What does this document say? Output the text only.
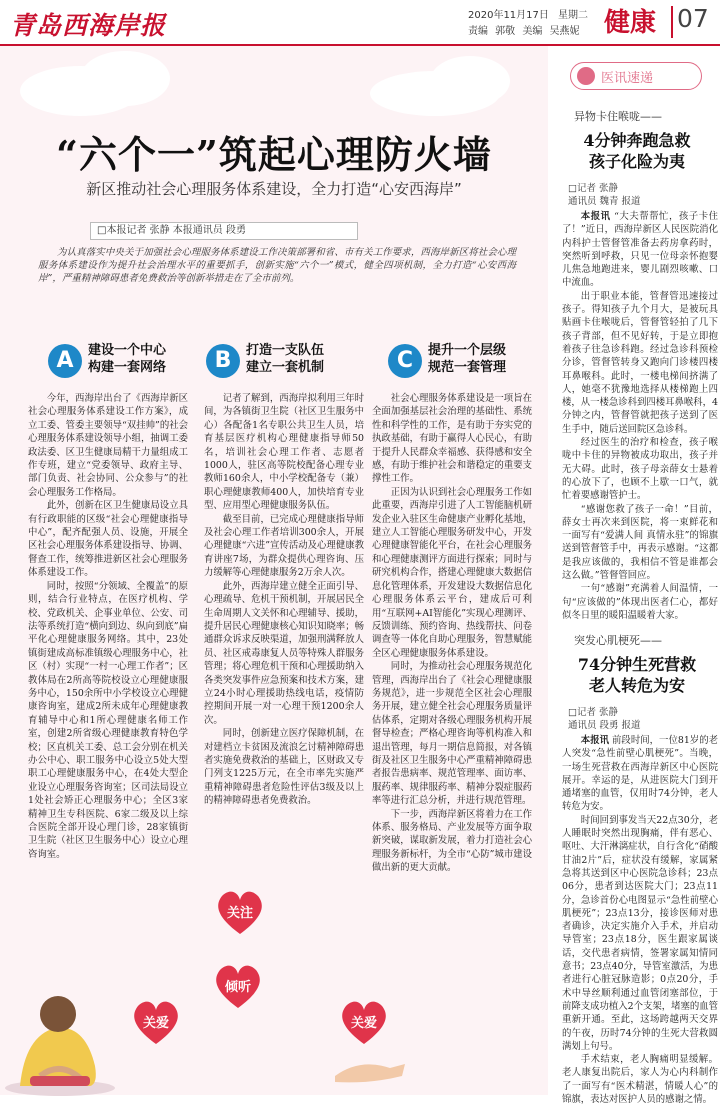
青岛西海岸报	2020年11月17日 星期二
责编 郭敬 美编 吴燕妮 健康 07
“六个一”筑起心理防火墙
新区推动社会心理服务体系建设，全力打造“心安西海岸”
□本报记者 张静 本报通讯员 段勇
为认真落实中央关于加强社会心理服务体系建设工作决策部署和省、市有关工作要求，西海岸新区将社会心理服务体系建设作为提升社会治理水平的重要抓手，创新实施“六个一”模式，健全四项机制，全力打造“心安西海岸”，严重精神障碍患者免费救治等创新举措走在了全市前列。
A	建设一个中心
构建一套网络

今年，西海岸出台了《西海岸新区社会心理服务体系建设工作方案》，成立工委、管委主要领导“双挂帅”的社会心理服务体系建设领导小组，抽调工委政法委、区卫生健康局精干力量组成工作专班，建立“党委领导、政府主导、部门负责、社会协同、公众参与”的社会心理服务工作格局。

此外，创新在区卫生健康局设立具有行政职能的区级“社会心理健康指导中心”，配齐配强人员、设施，开展全区社会心理服务体系建设指导、协调、督查工作，统筹推进新区社会心理服务体系建设工作。

同时，按照“分领域、全覆盖”的原则，结合行业特点，在医疗机构、学校、党政机关、企事业单位、公安、司法等系统打造“横向到边、纵向到底”扁平化心理健康服务网络。其中，23处镇街建成高标准镇级心理服务中心，社区（村）实现“一村一心理工作者”；区教体局在2所高等院校设立心理健康服务中心，150余所中小学校设立心理健康咨询室，建成2所未成年心理健康教育辅导中心和1所心理健康名师工作室，创建2所省级心理健康教育特色学校；区直机关工委、总工会分别在机关办公中心、职工服务中心设立5处大型职工心理健康服务中心，在4处大型企业设立心理服务咨询室；区司法局设立1处社会矫正心理服务中心；全区3家精神卫生专科医院、6家二级及以上综合医院全部开设心理门诊，28家镇街卫生院（社区卫生服务中心）设立心理咨询室。

B	打造一支队伍
建立一套机制

记者了解到，西海岸拟利用三年时间，为各镇街卫生院（社区卫生服务中心）各配备1名专职公共卫生人员，培育基层医疗机构心理健康指导师50名，培训社会心理工作者、志愿者1000人，驻区高等院校配备心理专业教师160余人，中小学校配备专（兼）职心理健康教师400人，加快培育专业型、应用型心理健康服务队伍。

截至目前，已完成心理健康指导师及社会心理工作者培训300余人，开展心理健康“六进”宣传活动及心理健康教育讲座7场，为群众提供心理咨询、压力缓解等心理健康服务2万余人次。

此外，西海岸建立健全正面引导、心理疏导、危机干预机制，开展居民全生命周期人文关怀和心理辅导、援助，提升居民心理健康核心知识知晓率；畅通群众诉求反映渠道，加强刑满释放人员、社区戒毒康复人员等特殊人群服务管理；将心理危机干预和心理援助纳入各类突发事件应急预案和技术方案，建立24小时心理援助热线电话，疫情防控期间开展一对一心理干预1200余人次。

同时，创新建立医疗保障机制，在对建档立卡贫困及流浪乞讨精神障碍患者实施免费救治的基础上，区财政又专门列支1225万元，在全市率先实施严重精神障碍患者危险性评估3级及以上的精神障碍患者免费救治。

C	提升一个层级
规范一套管理

社会心理服务体系建设是一项旨在全面加强基层社会治理的基础性、系统性和科学性的工作，是有助于夯实党的执政基础，有助于赢得人心民心，有助于提升人民群众幸福感、获得感和安全感，有助于维护社会和谐稳定的重要支撑性工作。

正因为认识到社会心理服务工作如此重要，西海岸引进了人工智能脑机研发企业入驻区生命健康产业孵化基地，建立人工智能心理服务研发中心，开发心理健康智能化平台，在社会心理服务和心理健康测评方面进行探索；同时与研究机构合作，搭建心理健康大数据信息化管理体系，开发建设大数据信息化心理服务体系云平台，建成后可利用“互联网+AI智能化”实现心理测评、反馈训练、预约咨询、热线帮扶、问卷调查等一体化自助心理服务，智慧赋能全区心理健康服务体系建设。

同时，为推动社会心理服务规范化管理，西海岸出台了《社会心理健康服务规范》，进一步规范全区社会心理服务开展，建立健全社会心理服务质量评估体系，定期对各级心理服务机构开展督导检查；严格心理咨询等机构准入和退出管理，每月一期信息简报，对各镇街及社区卫生服务中心严重精神障碍患者报告患病率、规范管理率、面访率、服药率、规律服药率、精神分裂症服药率等进行汇总分析，并进行规范管理。

下一步，西海岸新区将着力在工作体系、服务格局、产业发展等方面争取新突破，谋取新发展，着力打造社会心理服务新标杆，为全市“心防”城市建设做出新的更大贡献。

关注
倾听
关爱	关爱
医讯速递
异物卡住喉咙——
4分钟奔跑急救
孩子化险为夷
□记者 张静
通讯员 魏青 报道

本报讯 “大夫帮帮忙，孩子卡住了！”近日，西海岸新区人民医院消化内科护士管督管准备去药房拿药时，突然听到呼救，只见一位母亲怀抱婴儿焦急地跑进来，婴儿剧烈咳嗽、口中流血。

出于职业本能，管督管迅速接过孩子。得知孩子九个月大，是被玩具贴画卡住喉咙后，管督管轻拍了几下孩子背部，但不见好转，于是立即抱着孩子往急诊科跑。经过急诊科预检分诊，管督管转身又跑向门诊楼四楼耳鼻喉科。此时，一楼电梯间挤满了人，她毫不犹豫地选择从楼梯跑上四楼，从一楼急诊科到四楼耳鼻喉科，4分钟之内，管督管就把孩子送到了医生手中，随后送回院区急诊科。

经过医生的治疗和检查，孩子喉咙中卡住的异物被成功取出，孩子并无大碍。此时，孩子母亲薛女士悬着的心放下了，也顾不上歇一口气，就忙着要感谢管护士。

“感谢您救了孩子一命！”目前，薛女士再次来到医院，将一束鲜花和一面写有“爱满人间 真情永驻”的锦旗送到管督管手中，再表示感谢。“这都是我应该做的，我相信不管是谁都会这么做。”管督管回应。

一句“感谢”充满着人间温情，一句“应该做的”体现出医者仁心，都好似冬日里的暖阳温暖着大家。

突发心肌梗死——
74分钟生死营救
老人转危为安
□记者 张静
通讯员 段勇 报道

本报讯 前段时间，一位81岁的老人突发“急性前壁心肌梗死”。当晚，一场生死营救在西海岸新区中心医院展开。幸运的是，从进医院大门到开通堵塞的血管，仅用时74分钟，老人转危为安。

时间回到事发当天22点30分，老人睡眠时突然出现胸痛，伴有恶心、呕吐、大汗淋漓症状，自行含化“硝酸甘油2片”后，症状没有缓解，家属紧急将其送到区中心医院急诊科；23点06分，患者到达医院大门；23点11分，急诊首份心电图显示“急性前壁心肌梗死”；23点13分，接诊医师对患者确诊，决定实施介入手术，并启动导管室；23点18分，医生跟家属谈话，交代患者病情，签署家属知情同意书；23点40分，导管室激活，为患者进行心脏冠脉造影；0点20分，手术中导丝顺利通过血管闭塞部位，于前降支成功植入2个支架，堵塞的血管重新开通。至此，这场跨越两天交界的午夜，历时74分钟的生死大营救圆满划上句号。

手术结束，老人胸痛明显缓解。老人康复出院后，家人为心内科制作了一面写有“医术精湛，情暖人心”的锦旗，表达对医护人员的感谢之情。
